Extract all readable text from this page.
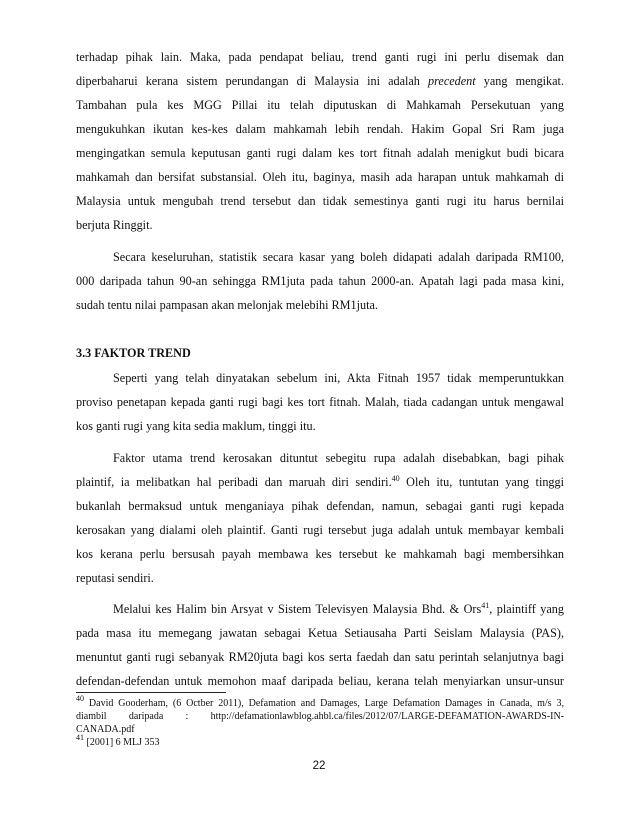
terhadap pihak lain. Maka, pada pendapat beliau, trend ganti rugi ini perlu disemak dan
diperbaharui kerana sistem perundangan di Malaysia ini adalah precedent yang mengikat.
Tambahan pula kes MGG Pillai itu telah diputuskan di Mahkamah Persekutuan yang
mengukuhkan ikutan kes-kes dalam mahkamah lebih rendah. Hakim Gopal Sri Ram juga
mengingatkan semula keputusan ganti rugi dalam kes tort fitnah adalah menigkut budi bicara
mahkamah dan bersifat substansial. Oleh itu, baginya, masih ada harapan untuk mahkamah di
Malaysia untuk mengubah trend tersebut dan tidak semestinya ganti rugi itu harus bernilai
berjuta Ringgit.
Secara keseluruhan, statistik secara kasar yang boleh didapati adalah daripada RM100,
000 daripada tahun 90-an sehingga RM1juta pada tahun 2000-an. Apatah lagi pada masa kini,
sudah tentu nilai pampasan akan melonjak melebihi RM1juta.
3.3 FAKTOR TREND
Seperti yang telah dinyatakan sebelum ini, Akta Fitnah 1957 tidak memperuntukkan
proviso penetapan kepada ganti rugi bagi kes tort fitnah. Malah, tiada cadangan untuk mengawal
kos ganti rugi yang kita sedia maklum, tinggi itu.
Faktor utama trend kerosakan dituntut sebegitu rupa adalah disebabkan, bagi pihak
plaintif, ia melibatkan hal peribadi dan maruah diri sendiri.$^{40}$ Oleh itu, tuntutan yang tinggi
bukanlah bermaksud untuk menganiaya pihak defendan, namun, sebagai ganti rugi kepada
kerosakan yang dialami oleh plaintif. Ganti rugi tersebut juga adalah untuk membayar kembali
kos kerana perlu bersusah payah membawa kes tersebut ke mahkamah bagi membersihkan
reputasi sendiri.
Melalui kes Halim bin Arsyat v Sistem Televisyen Malaysia Bhd. & Ors$^{41}$, plaintiff yang
pada masa itu memegang jawatan sebagai Ketua Setiausaha Parti Seislam Malaysia (PAS),
menuntut ganti rugi sebanyak RM20juta bagi kos serta faedah dan satu perintah selanjutnya bagi
defendan-defendan untuk memohon maaf daripada beliau, kerana telah menyiarkan unsur-unsur
22
$^{40}$ David Gooderham, (6 Octber 2011), Defamation and Damages, Large Defamation Damages in Canada, m/s 3,
diambil daripada : http://defamationlawblog.ahbl.ca/files/2012/07/LARGE-DEFAMATION-AWARDS-IN-
CANADA.pdf
$^{41}$ [2001] 6 MLJ 353
